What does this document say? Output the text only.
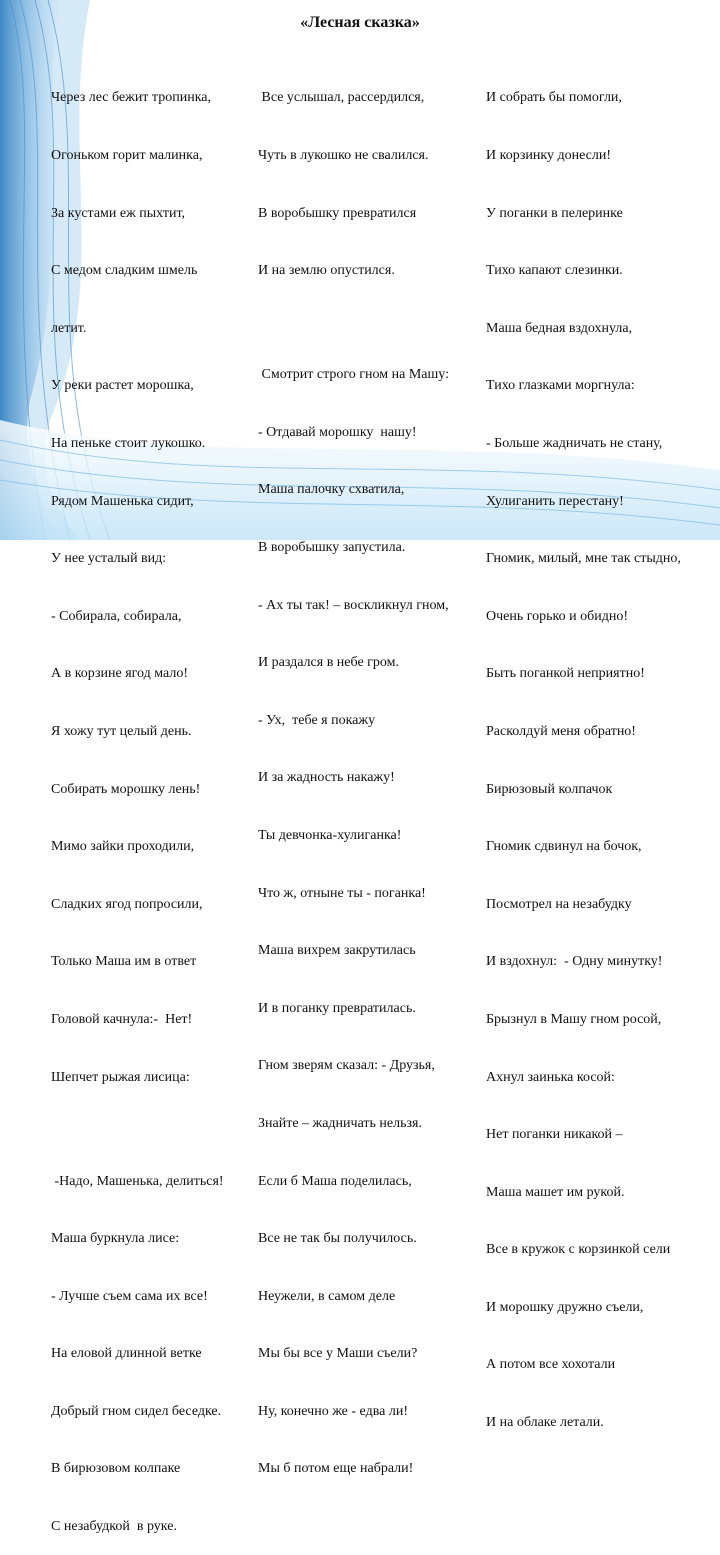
«Лесная сказка»

Через лес бежит тропинка,

Огоньком горит малинка,

За кустами еж пыхтит,

С медом сладким шмель

летит.

У реки растет морошка,

На пеньке стоит лукошко.

Рядом Машенька сидит,

У нее усталый вид:

- Собирала, собирала,

А в корзине ягод мало!

Я хожу тут целый день.

Собирать морошку лень!

Мимо зайки проходили,

Сладких ягод попросили,

Только Маша им в ответ

Головой качнула:-  Нет!

Шепчет рыжая лисица:

-Надо, Машенька, делиться!

Маша буркнула лисе:

- Лучше съем сама их все!

На еловой длинной ветке

Добрый гном сидел беседке.

В бирюзовом колпаке

С незабудкой  в руке.

Все услышал, рассердился,

Чуть в лукошко не свалился.

В воробышку превратился

И на землю опустился.

Смотрит строго гном на Машу:

- Отдавай морошку  нашу!

Маша палочку схватила,

В воробышку запустила.

- Ах ты так! – воскликнул гном,

И раздался в небе гром.

- Ух,  тебе я покажу

И за жадность накажу!

Ты девчонка-хулиганка!

Что ж, отныне ты - поганка!

Маша вихрем закрутилась

И в поганку превратилась.

Гном зверям сказал: - Друзья,

Знайте – жадничать нельзя.

Если б Маша поделилась,

Все не так бы получилось.

Неужели, в самом деле

Мы бы все у Маши съели?

Ну, конечно же - едва ли!

Мы б потом еще набрали!

И собрать бы помогли,

И корзинку донесли!

У поганки в пелеринке

Тихо капают слезинки.

Маша бедная вздохнула,

Тихо глазками моргнула:

- Больше жадничать не стану,

Хулиганить перестану!

Гномик, милый, мне так стыдно,

Очень горько и обидно!

Быть поганкой неприятно!

Расколдуй меня обратно!

Бирюзовый колпачок

Гномик сдвинул на бочок,

Посмотрел на незабудку

И вздохнул:  - Одну минутку!

Брызнул в Машу гном росой,

Ахнул заинька косой:

Нет поганки никакой –

Маша машет им рукой.

Все в кружок с корзинкой сели

И морошку дружно съели,

А потом все хохотали

И на облаке летали.
